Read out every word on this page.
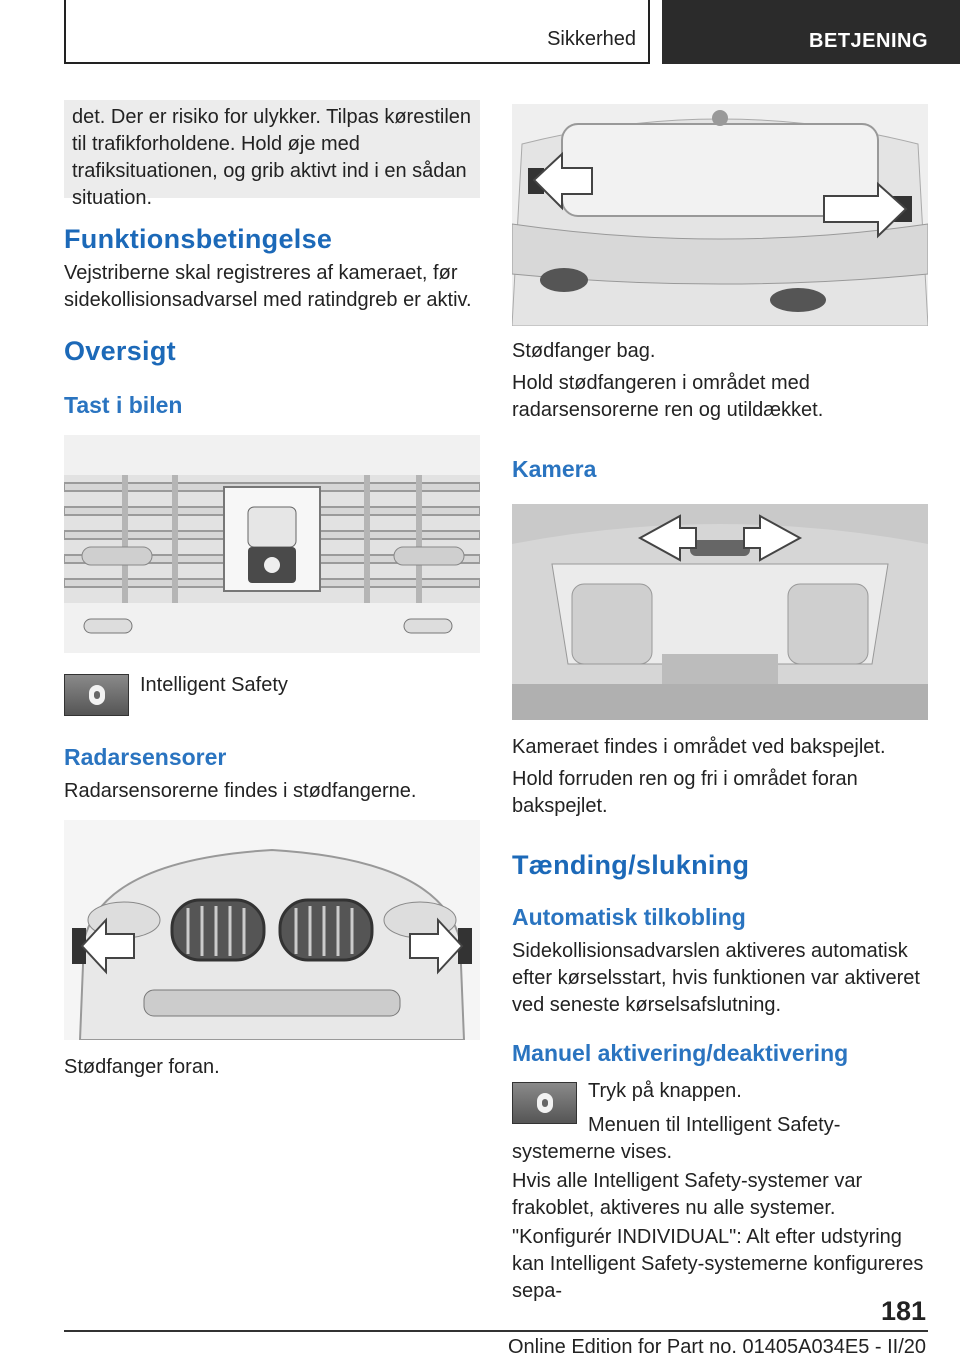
Sikkerhed	BETJENING
det. Der er risiko for ulykker. Tilpas kørestilen til trafikforholdene. Hold øje med trafiksituationen, og grib aktivt ind i en sådan situation.
Funktionsbetingelse
Vejstriberne skal registreres af kameraet, før sidekollisionsadvarsel med ratindgreb er aktiv.
Oversigt
Tast i bilen
Intelligent Safety
Radarsensorer
Radarsensorerne findes i stødfangerne.
Stødfanger foran.
Stødfanger bag.
Hold stødfangeren i området med radarsensorerne ren og utildækket.
Kamera
Kameraet findes i området ved bakspejlet.
Hold forruden ren og fri i området foran bakspejlet.
Tænding/slukning
Automatisk tilkobling
Sidekollisionsadvarslen aktiveres automatisk efter kørselsstart, hvis funktionen var aktiveret ved seneste kørselsafslutning.
Manuel aktivering/deaktivering
Tryk på knappen.
Menuen til Intelligent Safety-systemerne vises.
Hvis alle Intelligent Safety-systemer var frakoblet, aktiveres nu alle systemer.
"Konfigurér INDIVIDUAL": Alt efter udstyring kan Intelligent Safety-systemerne konfigureres sepa-
181
Online Edition for Part no. 01405A034E5 - II/20
